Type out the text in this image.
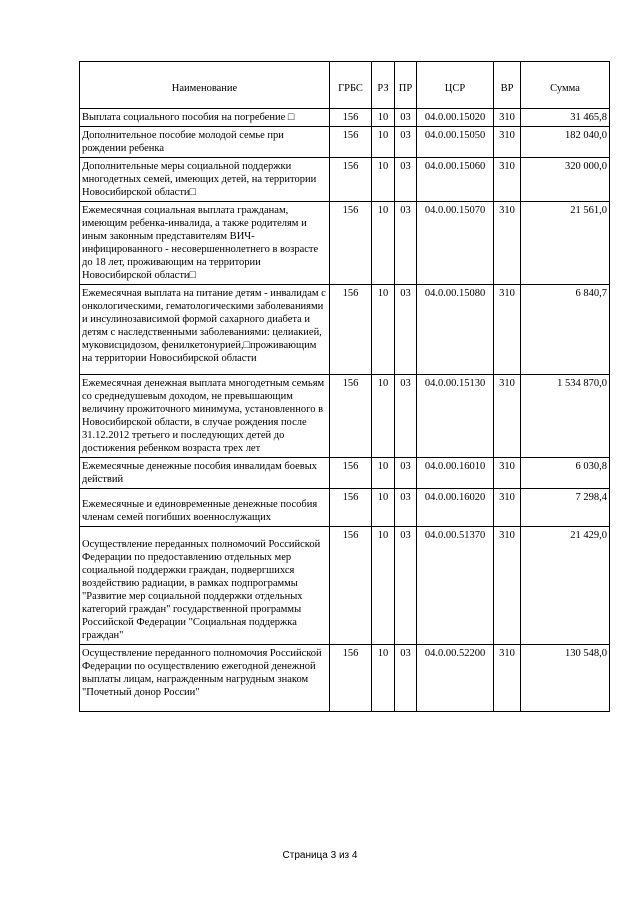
Наименование	ГРБС	РЗ	ПР	ЦСР	ВР	Сумма
Выплата социального пособия на погребение □	156	10	03	04.0.00.15020	310	31 465,8
Дополнительное пособие молодой семье при рождении ребенка	156	10	03	04.0.00.15050	310	182 040,0
Дополнительные меры социальной поддержки многодетных семей, имеющих детей, на территории Новосибирской области□	156	10	03	04.0.00.15060	310	320 000,0
Ежемесячная социальная выплата гражданам, имеющим ребенка-инвалида, а также родителям и иным законным представителям ВИЧ-инфицированного - несовершеннолетнего в возрасте до 18 лет, проживающим на территории Новосибирской области□	156	10	03	04.0.00.15070	310	21 561,0
Ежемесячная выплата на питание детям - инвалидам с онкологическими, гематологическими заболеваниями и инсулинозависимой формой сахарного диабета и детям с наследственными заболеваниями: целиакией, муковисцидозом, фенилкетонурией,□проживающим на территории Новосибирской области	156	10	03	04.0.00.15080	310	6 840,7
Ежемесячная денежная выплата многодетным семьям со среднедушевым доходом, не превышающим величину прожиточного минимума, установленного в Новосибирской области, в случае рождения после 31.12.2012 третьего и последующих детей до достижения ребенком возраста трех лет	156	10	03	04.0.00.15130	310	1 534 870,0
Ежемесячные денежные пособия инвалидам боевых действий	156	10	03	04.0.00.16010	310	6 030,8
Ежемесячные и единовременные денежные пособия членам семей погибших военнослужащих	156	10	03	04.0.00.16020	310	7 298,4
Осуществление переданных полномочий Российской Федерации по предоставлению отдельных мер социальной поддержки граждан, подвергшихся воздействию радиации, в рамках подпрограммы "Развитие мер социальной поддержки отдельных категорий граждан" государственной программы Российской Федерации "Социальная поддержка граждан"	156	10	03	04.0.00.51370	310	21 429,0
Осуществление переданного полномочия Российской Федерации по осуществлению ежегодной денежной выплаты лицам, награжденным нагрудным знаком "Почетный донор России"	156	10	03	04.0.00.52200	310	130 548,0
Страница 3 из 4
